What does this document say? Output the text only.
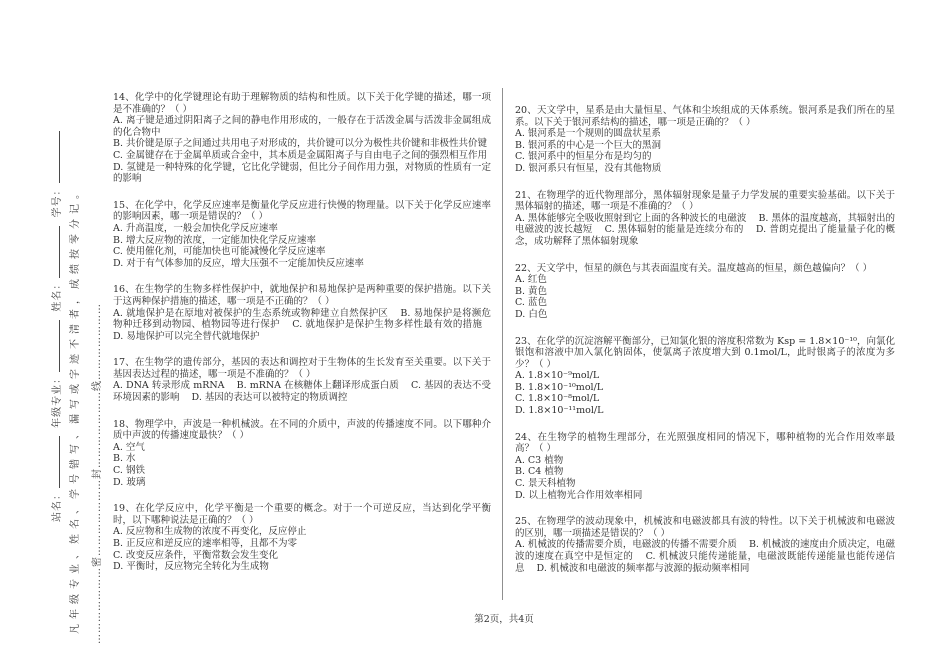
站名： 年级专业： 姓名： 学号： 凡年级专业、姓名、学号错写、漏写或字迹不清者，成绩按零分记。	…………………密…………………封…………………线…………………
14、化学中的化学键理论有助于理解物质的结构和性质。以下关于化学键的描述，哪一项是不准确的？（ ）
A. 离子键是通过阴阳离子之间的静电作用形成的，一般存在于活泼金属与活泼非金属组成的化合物中
B. 共价键是原子之间通过共用电子对形成的，共价键可以分为极性共价键和非极性共价键
C. 金属键存在于金属单质或合金中，其本质是金属阳离子与自由电子之间的强烈相互作用
D. 氢键是一种特殊的化学键，它比化学键弱，但比分子间作用力强，对物质的性质有一定的影响
15、在化学中，化学反应速率是衡量化学反应进行快慢的物理量。以下关于化学反应速率的影响因素，哪一项是错误的？（ ）
A. 升高温度，一般会加快化学反应速率
B. 增大反应物的浓度，一定能加快化学反应速率
C. 使用催化剂，可能加快也可能减慢化学反应速率
D. 对于有气体参加的反应，增大压强不一定能加快反应速率
16、在生物学的生物多样性保护中，就地保护和易地保护是两种重要的保护措施。以下关于这两种保护措施的描述，哪一项是不正确的？（ ）
A. 就地保护是在原地对被保护的生态系统或物种建立自然保护区 B. 易地保护是将濒危物种迁移到动物园、植物园等进行保护 C. 就地保护是保护生物多样性最有效的措施 D. 易地保护可以完全替代就地保护
17、在生物学的遗传部分，基因的表达和调控对于生物体的生长发育至关重要。以下关于基因表达过程的描述，哪一项是不准确的？（ ）
A. DNA 转录形成 mRNA B. mRNA 在核糖体上翻译形成蛋白质 C. 基因的表达不受环境因素的影响 D. 基因的表达可以被特定的物质调控
18、物理学中，声波是一种机械波。在不同的介质中，声波的传播速度不同。以下哪种介质中声波的传播速度最快？（ ）
A. 空气
B. 水
C. 钢铁
D. 玻璃
19、在化学反应中，化学平衡是一个重要的概念。对于一个可逆反应，当达到化学平衡时，以下哪种说法是正确的？（ ）
A. 反应物和生成物的浓度不再变化，反应停止
B. 正反应和逆反应的速率相等，且都不为零
C. 改变反应条件，平衡常数会发生变化
D. 平衡时，反应物完全转化为生成物
20、天文学中，星系是由大量恒星、气体和尘埃组成的天体系统。银河系是我们所在的星系。以下关于银河系结构的描述，哪一项是正确的？（ ）
A. 银河系是一个规则的圆盘状星系
B. 银河系的中心是一个巨大的黑洞
C. 银河系中的恒星分布是均匀的
D. 银河系只有恒星，没有其他物质
21、在物理学的近代物理部分，黑体辐射现象是量子力学发展的重要实验基础。以下关于黑体辐射的描述，哪一项是不准确的？（ ）
A. 黑体能够完全吸收照射到它上面的各种波长的电磁波 B. 黑体的温度越高，其辐射出的电磁波的波长越短 C. 黑体辐射的能量是连续分布的 D. 普朗克提出了能量量子化的概念，成功解释了黑体辐射现象
22、天文学中，恒星的颜色与其表面温度有关。温度越高的恒星，颜色越偏向？（ ）
A. 红色
B. 黄色
C. 蓝色
D. 白色
23、在化学的沉淀溶解平衡部分，已知氯化银的溶度积常数为 Ksp = 1.8×10⁻¹⁰，向氯化银饱和溶液中加入氯化钠固体，使氯离子浓度增大到 0.1mol/L，此时银离子的浓度为多少？（ ）
A. 1.8×10⁻⁹mol/L
B. 1.8×10⁻¹⁰mol/L
C. 1.8×10⁻⁸mol/L
D. 1.8×10⁻¹¹mol/L
24、在生物学的植物生理部分，在光照强度相同的情况下，哪种植物的光合作用效率最高？（ ）
A. C3 植物
B. C4 植物
C. 景天科植物
D. 以上植物光合作用效率相同
25、在物理学的波动现象中，机械波和电磁波都具有波的特性。以下关于机械波和电磁波的区别，哪一项描述是错误的？（ ）
A. 机械波的传播需要介质，电磁波的传播不需要介质 B. 机械波的速度由介质决定，电磁波的速度在真空中是恒定的 C. 机械波只能传递能量，电磁波既能传递能量也能传递信息 D. 机械波和电磁波的频率都与波源的振动频率相同
第2页，共4页
